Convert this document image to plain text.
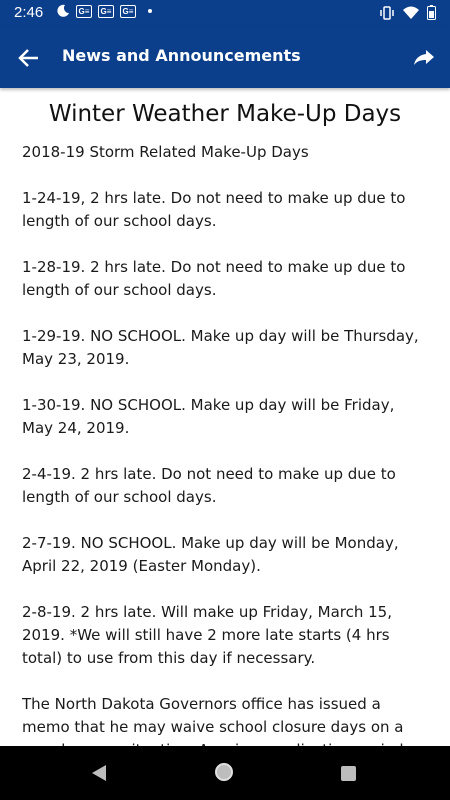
2:46	G≡	G≡	G≡
News and Announcements
Winter Weather Make-Up Days

2018-19 Storm Related Make-Up Days

1-24-19, 2 hrs late. Do not need to make up due to length of our school days.

1-28-19. 2 hrs late. Do not need to make up due to length of our school days.

1-29-19. NO SCHOOL. Make up day will be Thursday, May 23, 2019.

1-30-19. NO SCHOOL. Make up day will be Friday, May 24, 2019.

2-4-19. 2 hrs late. Do not need to make up due to length of our school days.

2-7-19. NO SCHOOL. Make up day will be Monday, April 22, 2019 (Easter Monday).

2-8-19. 2 hrs late. Will make up Friday, March 15, 2019. *We will still have 2 more late starts (4 hrs total) to use from this day if necessary.

The North Dakota Governors office has issued a memo that he may waive school closure days on a
